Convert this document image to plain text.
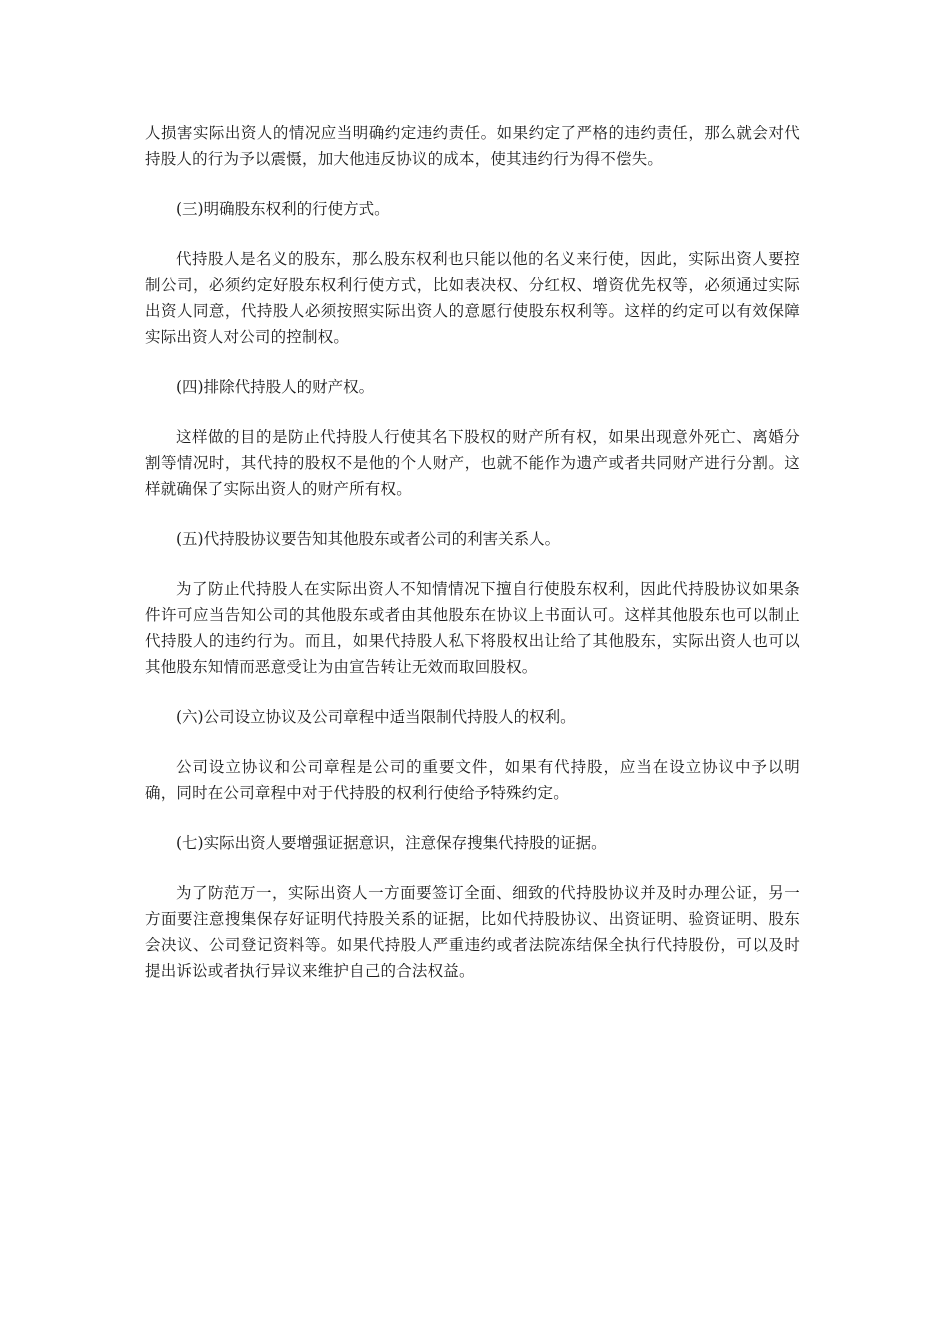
人损害实际出资人的情况应当明确约定违约责任。如果约定了严格的违约责任，那么就会对代持股人的行为予以震慑，加大他违反协议的成本，使其违约行为得不偿失。

(三)明确股东权利的行使方式。

代持股人是名义的股东，那么股东权利也只能以他的名义来行使，因此，实际出资人要控制公司，必须约定好股东权利行使方式，比如表决权、分红权、增资优先权等，必须通过实际出资人同意，代持股人必须按照实际出资人的意愿行使股东权利等。这样的约定可以有效保障实际出资人对公司的控制权。

(四)排除代持股人的财产权。

这样做的目的是防止代持股人行使其名下股权的财产所有权，如果出现意外死亡、离婚分割等情况时，其代持的股权不是他的个人财产，也就不能作为遗产或者共同财产进行分割。这样就确保了实际出资人的财产所有权。

(五)代持股协议要告知其他股东或者公司的利害关系人。

为了防止代持股人在实际出资人不知情情况下擅自行使股东权利，因此代持股协议如果条件许可应当告知公司的其他股东或者由其他股东在协议上书面认可。这样其他股东也可以制止代持股人的违约行为。而且，如果代持股人私下将股权出让给了其他股东，实际出资人也可以其他股东知情而恶意受让为由宣告转让无效而取回股权。

(六)公司设立协议及公司章程中适当限制代持股人的权利。

公司设立协议和公司章程是公司的重要文件，如果有代持股，应当在设立协议中予以明确，同时在公司章程中对于代持股的权利行使给予特殊约定。

(七)实际出资人要增强证据意识，注意保存搜集代持股的证据。

为了防范万一，实际出资人一方面要签订全面、细致的代持股协议并及时办理公证，另一方面要注意搜集保存好证明代持股关系的证据，比如代持股协议、出资证明、验资证明、股东会决议、公司登记资料等。如果代持股人严重违约或者法院冻结保全执行代持股份，可以及时提出诉讼或者执行异议来维护自己的合法权益。
